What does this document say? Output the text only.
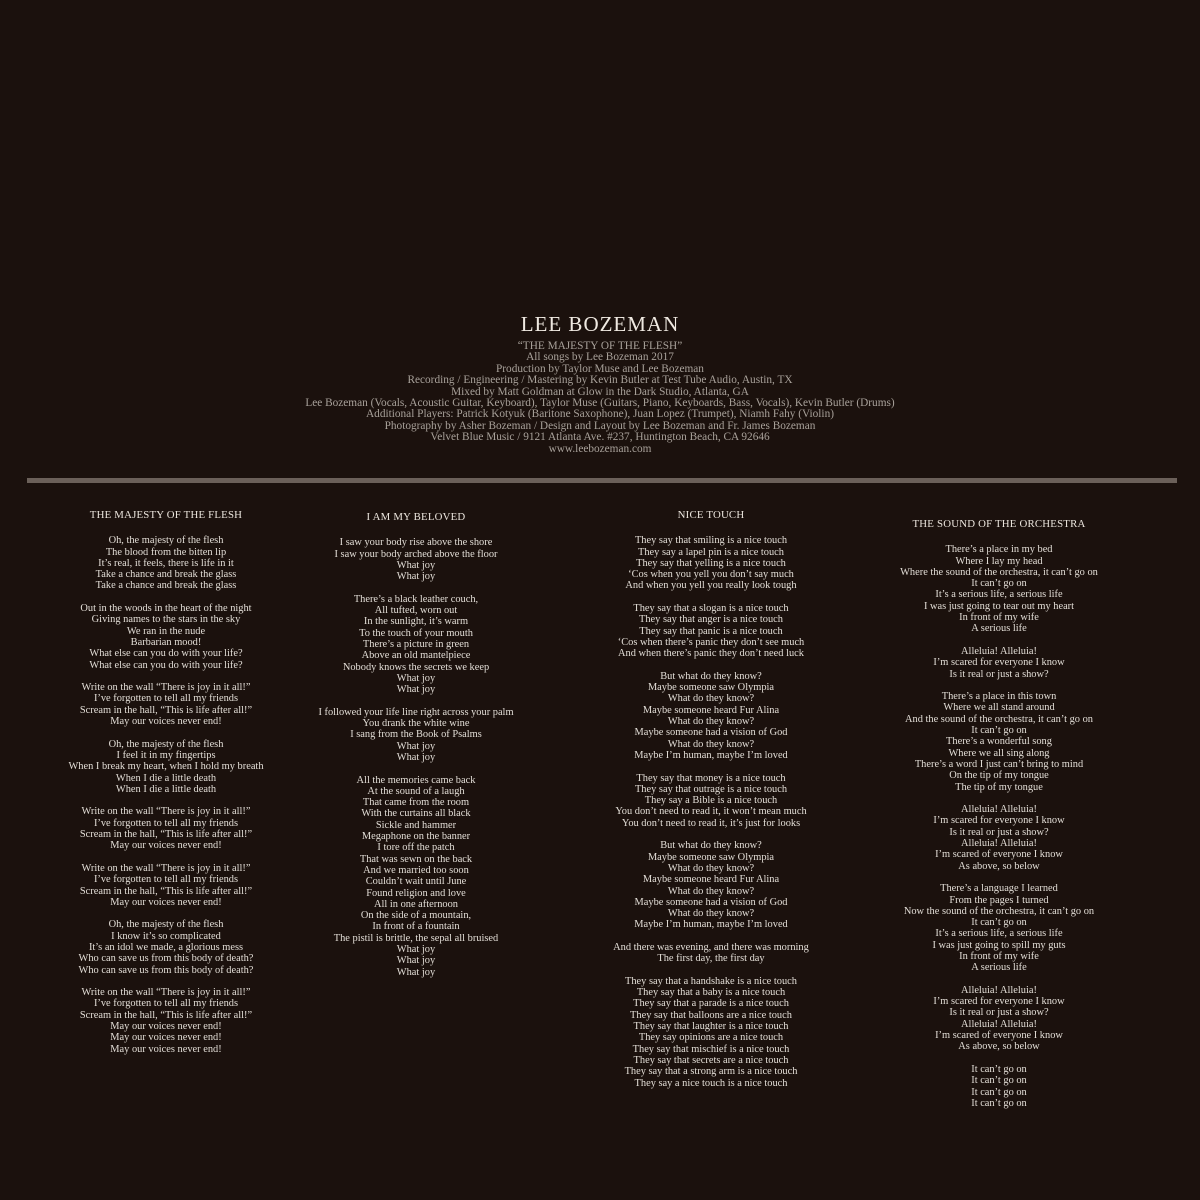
LEE BOZEMAN
“THE MAJESTY OF THE FLESH”
All songs by Lee Bozeman 2017
Production by Taylor Muse and Lee Bozeman
Recording / Engineering / Mastering by Kevin Butler at Test Tube Audio, Austin, TX
Mixed by Matt Goldman at Glow in the Dark Studio, Atlanta, GA
Lee Bozeman (Vocals, Acoustic Guitar, Keyboard), Taylor Muse (Guitars, Piano, Keyboards, Bass, Vocals), Kevin Butler (Drums)
Additional Players: Patrick Kotyuk (Baritone Saxophone), Juan Lopez (Trumpet), Niamh Fahy (Violin)
Photography by Asher Bozeman / Design and Layout by Lee Bozeman and Fr. James Bozeman
Velvet Blue Music / 9121 Atlanta Ave. #237, Huntington Beach, CA 92646
www.leebozeman.com
THE MAJESTY OF THE FLESH
Oh, the majesty of the flesh
The blood from the bitten lip
It’s real, it feels, there is life in it
Take a chance and break the glass
Take a chance and break the glass
Out in the woods in the heart of the night
Giving names to the stars in the sky
We ran in the nude
Barbarian mood!
What else can you do with your life?
What else can you do with your life?
Write on the wall “There is joy in it all!”
I’ve forgotten to tell all my friends
Scream in the hall, “This is life after all!”
May our voices never end!
Oh, the majesty of the flesh
I feel it in my fingertips
When I break my heart, when I hold my breath
When I die a little death
When I die a little death
Write on the wall “There is joy in it all!”
I’ve forgotten to tell all my friends
Scream in the hall, “This is life after all!”
May our voices never end!
Write on the wall “There is joy in it all!”
I’ve forgotten to tell all my friends
Scream in the hall, “This is life after all!”
May our voices never end!
Oh, the majesty of the flesh
I know it’s so complicated
It’s an idol we made, a glorious mess
Who can save us from this body of death?
Who can save us from this body of death?
Write on the wall “There is joy in it all!”
I’ve forgotten to tell all my friends
Scream in the hall, “This is life after all!”
May our voices never end!
May our voices never end!
May our voices never end!
I AM MY BELOVED
I saw your body rise above the shore
I saw your body arched above the floor
What joy
What joy
There’s a black leather couch,
All tufted, worn out
In the sunlight, it’s warm
To the touch of your mouth
There’s a picture in green
Above an old mantelpiece
Nobody knows the secrets we keep
What joy
What joy
I followed your life line right across your palm
You drank the white wine
I sang from the Book of Psalms
What joy
What joy
All the memories came back
At the sound of a laugh
That came from the room
With the curtains all black
Sickle and hammer
Megaphone on the banner
I tore off the patch
That was sewn on the back
And we married too soon
Couldn’t wait until June
Found religion and love
All in one afternoon
On the side of a mountain,
In front of a fountain
The pistil is brittle, the sepal all bruised
What joy
What joy
What joy
NICE TOUCH
They say that smiling is a nice touch
They say a lapel pin is a nice touch
They say that yelling is a nice touch
‘Cos when you yell you don’t say much
And when you yell you really look tough
They say that a slogan is a nice touch
They say that anger is a nice touch
They say that panic is a nice touch
‘Cos when there’s panic they don’t see much
And when there’s panic they don’t need luck
But what do they know?
Maybe someone saw Olympia
What do they know?
Maybe someone heard Fur Alina
What do they know?
Maybe someone had a vision of God
What do they know?
Maybe I’m human, maybe I’m loved
They say that money is a nice touch
They say that outrage is a nice touch
They say a Bible is a nice touch
You don’t need to read it, it won’t mean much
You don’t need to read it, it’s just for looks
But what do they know?
Maybe someone saw Olympia
What do they know?
Maybe someone heard Fur Alina
What do they know?
Maybe someone had a vision of God
What do they know?
Maybe I’m human, maybe I’m loved
And there was evening, and there was morning
The first day, the first day
They say that a handshake is a nice touch
They say that a baby is a nice touch
They say that a parade is a nice touch
They say that balloons are a nice touch
They say that laughter is a nice touch
They say opinions are a nice touch
They say that mischief is a nice touch
They say that secrets are a nice touch
They say that a strong arm is a nice touch
They say a nice touch is a nice touch
THE SOUND OF THE ORCHESTRA
There’s a place in my bed
Where I lay my head
Where the sound of the orchestra, it can’t go on
It can’t go on
It’s a serious life, a serious life
I was just going to tear out my heart
In front of my wife
A serious life
Alleluia! Alleluia!
I’m scared for everyone I know
Is it real or just a show?
There’s a place in this town
Where we all stand around
And the sound of the orchestra, it can’t go on
It can’t go on
There’s a wonderful song
Where we all sing along
There’s a word I just can’t bring to mind
On the tip of my tongue
The tip of my tongue
Alleluia! Alleluia!
I’m scared for everyone I know
Is it real or just a show?
Alleluia! Alleluia!
I’m scared of everyone I know
As above, so below
There’s a language I learned
From the pages I turned
Now the sound of the orchestra, it can’t go on
It can’t go on
It’s a serious life, a serious life
I was just going to spill my guts
In front of my wife
A serious life
Alleluia! Alleluia!
I’m scared for everyone I know
Is it real or just a show?
Alleluia! Alleluia!
I’m scared of everyone I know
As above, so below
It can’t go on
It can’t go on
It can’t go on
It can’t go on
